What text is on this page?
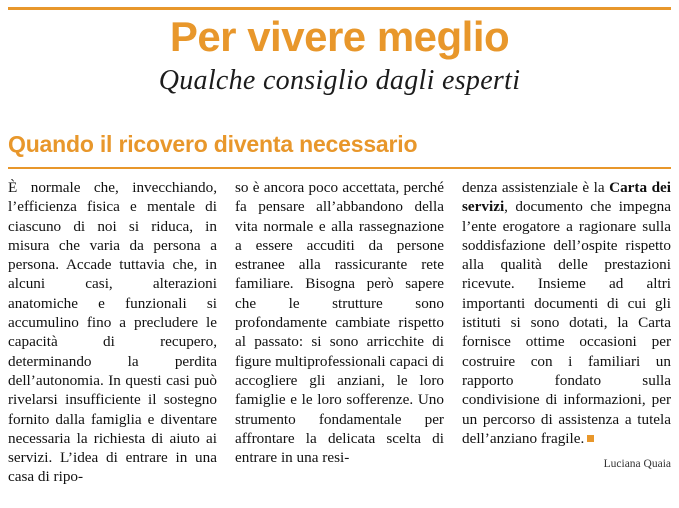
Per vivere meglio
Qualche consiglio dagli esperti
Quando il ricovero diventa necessario

È normale che, invecchiando, l’efficienza fisica e mentale di ciascuno di noi si riduca, in misura che varia da persona a persona. Accade tuttavia che, in alcuni casi, alterazioni anatomiche e funzionali si accumulino fino a precludere le capacità di recupero, determinando la perdita dell’autonomia. In questi casi può rivelarsi insufficiente il sostegno fornito dalla famiglia e diventare necessaria la richiesta di aiuto ai servizi. L’idea di entrare in una casa di ripo-

so è ancora poco accettata, perché fa pensare all’abbandono della vita normale e alla rassegnazione a essere accuditi da persone estranee alla rassicurante rete familiare. Bisogna però sapere che le strutture sono profondamente cambiate rispetto al passato: si sono arricchite di figure multiprofessionali capaci di accogliere gli anziani, le loro famiglie e le loro sofferenze. Uno strumento fondamentale per affrontare la delicata scelta di entrare in una resi-

denza assistenziale è la Carta dei servizi, documento che impegna l’ente erogatore a ragionare sulla soddisfazione dell’ospite rispetto alla qualità delle prestazioni ricevute. Insieme ad altri importanti documenti di cui gli istituti si sono dotati, la Carta fornisce ottime occasioni per costruire con i familiari un rapporto fondato sulla condivisione di informazioni, per un percorso di assistenza a tutela dell’anziano fragile.

Luciana Quaia
